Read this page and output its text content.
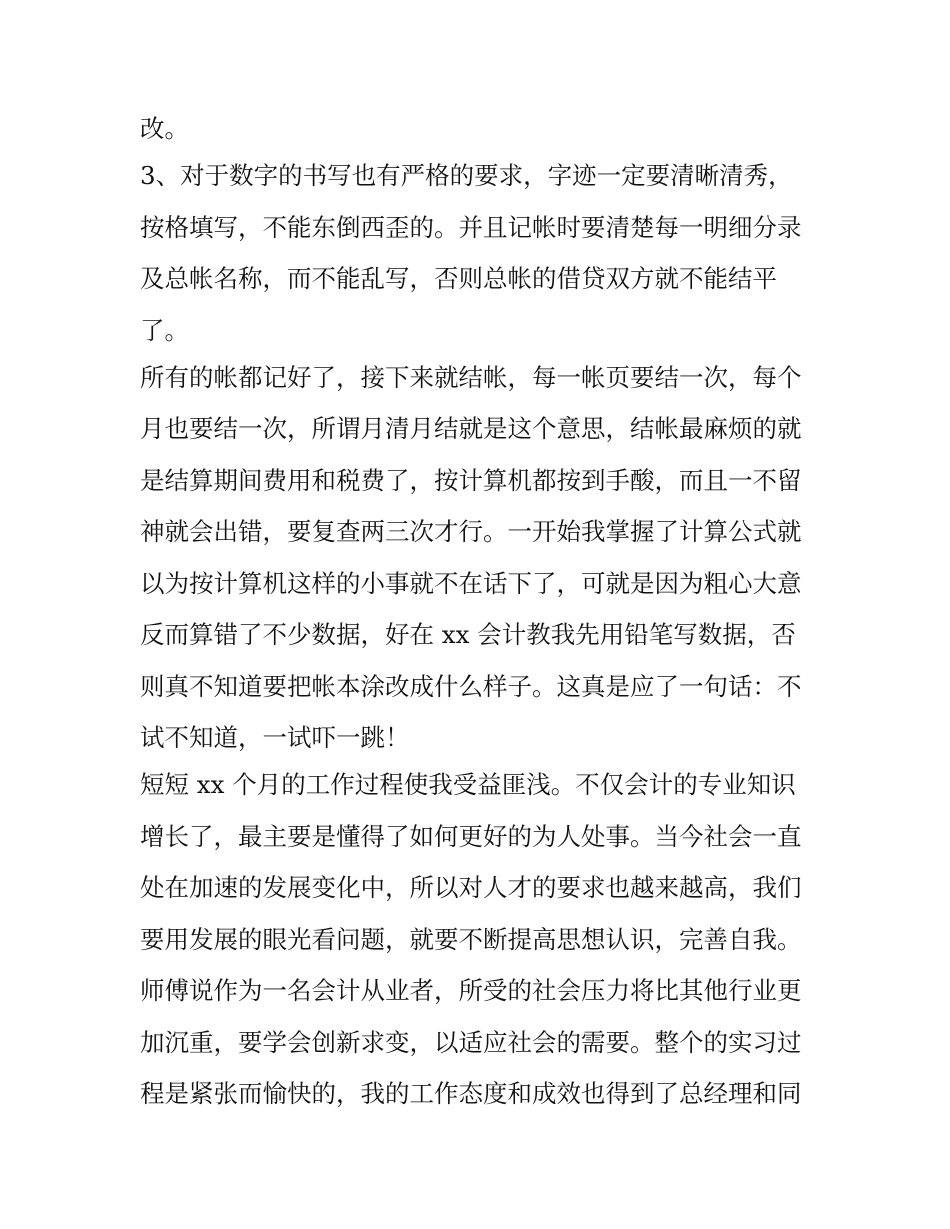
改。
3、对于数字的书写也有严格的要求，字迹一定要清晰清秀，
按格填写，不能东倒西歪的。并且记帐时要清楚每一明细分录
及总帐名称，而不能乱写，否则总帐的借贷双方就不能结平
了。
所有的帐都记好了，接下来就结帐，每一帐页要结一次，每个
月也要结一次，所谓月清月结就是这个意思，结帐最麻烦的就
是结算期间费用和税费了，按计算机都按到手酸，而且一不留
神就会出错，要复查两三次才行。一开始我掌握了计算公式就
以为按计算机这样的小事就不在话下了，可就是因为粗心大意
反而算错了不少数据，好在 xx 会计教我先用铅笔写数据，否
则真不知道要把帐本涂改成什么样子。这真是应了一句话：不
试不知道，一试吓一跳！
短短 xx 个月的工作过程使我受益匪浅。不仅会计的专业知识
增长了，最主要是懂得了如何更好的为人处事。当今社会一直
处在加速的发展变化中，所以对人才的要求也越来越高，我们
要用发展的眼光看问题，就要不断提高思想认识，完善自我。
师傅说作为一名会计从业者，所受的社会压力将比其他行业更
加沉重，要学会创新求变，以适应社会的需要。整个的实习过
程是紧张而愉快的，我的工作态度和成效也得到了总经理和同
